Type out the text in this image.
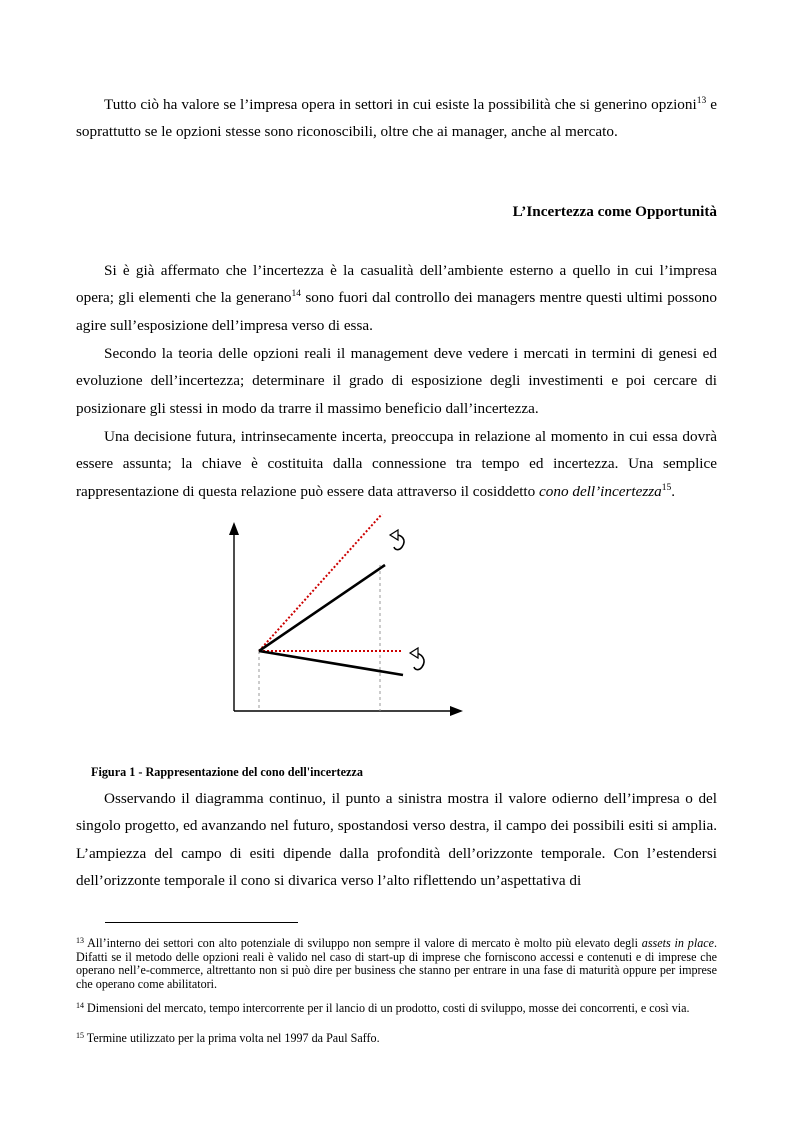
Tutto ciò ha valore se l’impresa opera in settori in cui esiste la possibilità che si generino opzioni$^{13}$ e soprattutto se le opzioni stesse sono riconoscibili, oltre che ai manager, anche al mercato.

L’Incertezza come Opportunità

Si è già affermato che l’incertezza è la casualità dell’ambiente esterno a quello in cui l’impresa opera; gli elementi che la generano$^{14}$ sono fuori dal controllo dei managers mentre questi ultimi possono agire sull’esposizione dell’impresa verso di essa.

Secondo la teoria delle opzioni reali il management deve vedere i mercati in termini di genesi ed evoluzione dell’incertezza; determinare il grado di esposizione degli investimenti e poi cercare di posizionare gli stessi in modo da trarre il massimo beneficio dall’incertezza.

Una decisione futura, intrinsecamente incerta, preoccupa in relazione al momento in cui essa dovrà essere assunta; la chiave è costituita dalla connessione tra tempo ed incertezza. Una semplice rappresentazione di questa relazione può essere data attraverso il cosiddetto cono dell’incertezza$^{15}$.

Figura 1 - Rappresentazione del cono dell'incertezza

Osservando il diagramma continuo, il punto a sinistra mostra il valore odierno dell’impresa o del singolo progetto, ed avanzando nel futuro, spostandosi verso destra, il campo dei possibili esiti si amplia. L’ampiezza del campo di esiti dipende dalla profondità dell’orizzonte temporale. Con l’estendersi dell’orizzonte temporale il cono si divarica verso l’alto riflettendo un’aspettativa di

$^{13}$ All’interno dei settori con alto potenziale di sviluppo non sempre il valore di mercato è molto più elevato degli assets in place. Difatti se il metodo delle opzioni reali è valido nel caso di start-up di imprese che forniscono accessi e contenuti e di imprese che operano nell’e-commerce, altrettanto non si può dire per business che stanno per entrare in una fase di maturità oppure per imprese che operano come abilitatori.

$^{14}$ Dimensioni del mercato, tempo intercorrente per il lancio di un prodotto, costi di sviluppo, mosse dei concorrenti, e così via.

$^{15}$ Termine utilizzato per la prima volta nel 1997 da Paul Saffo.
